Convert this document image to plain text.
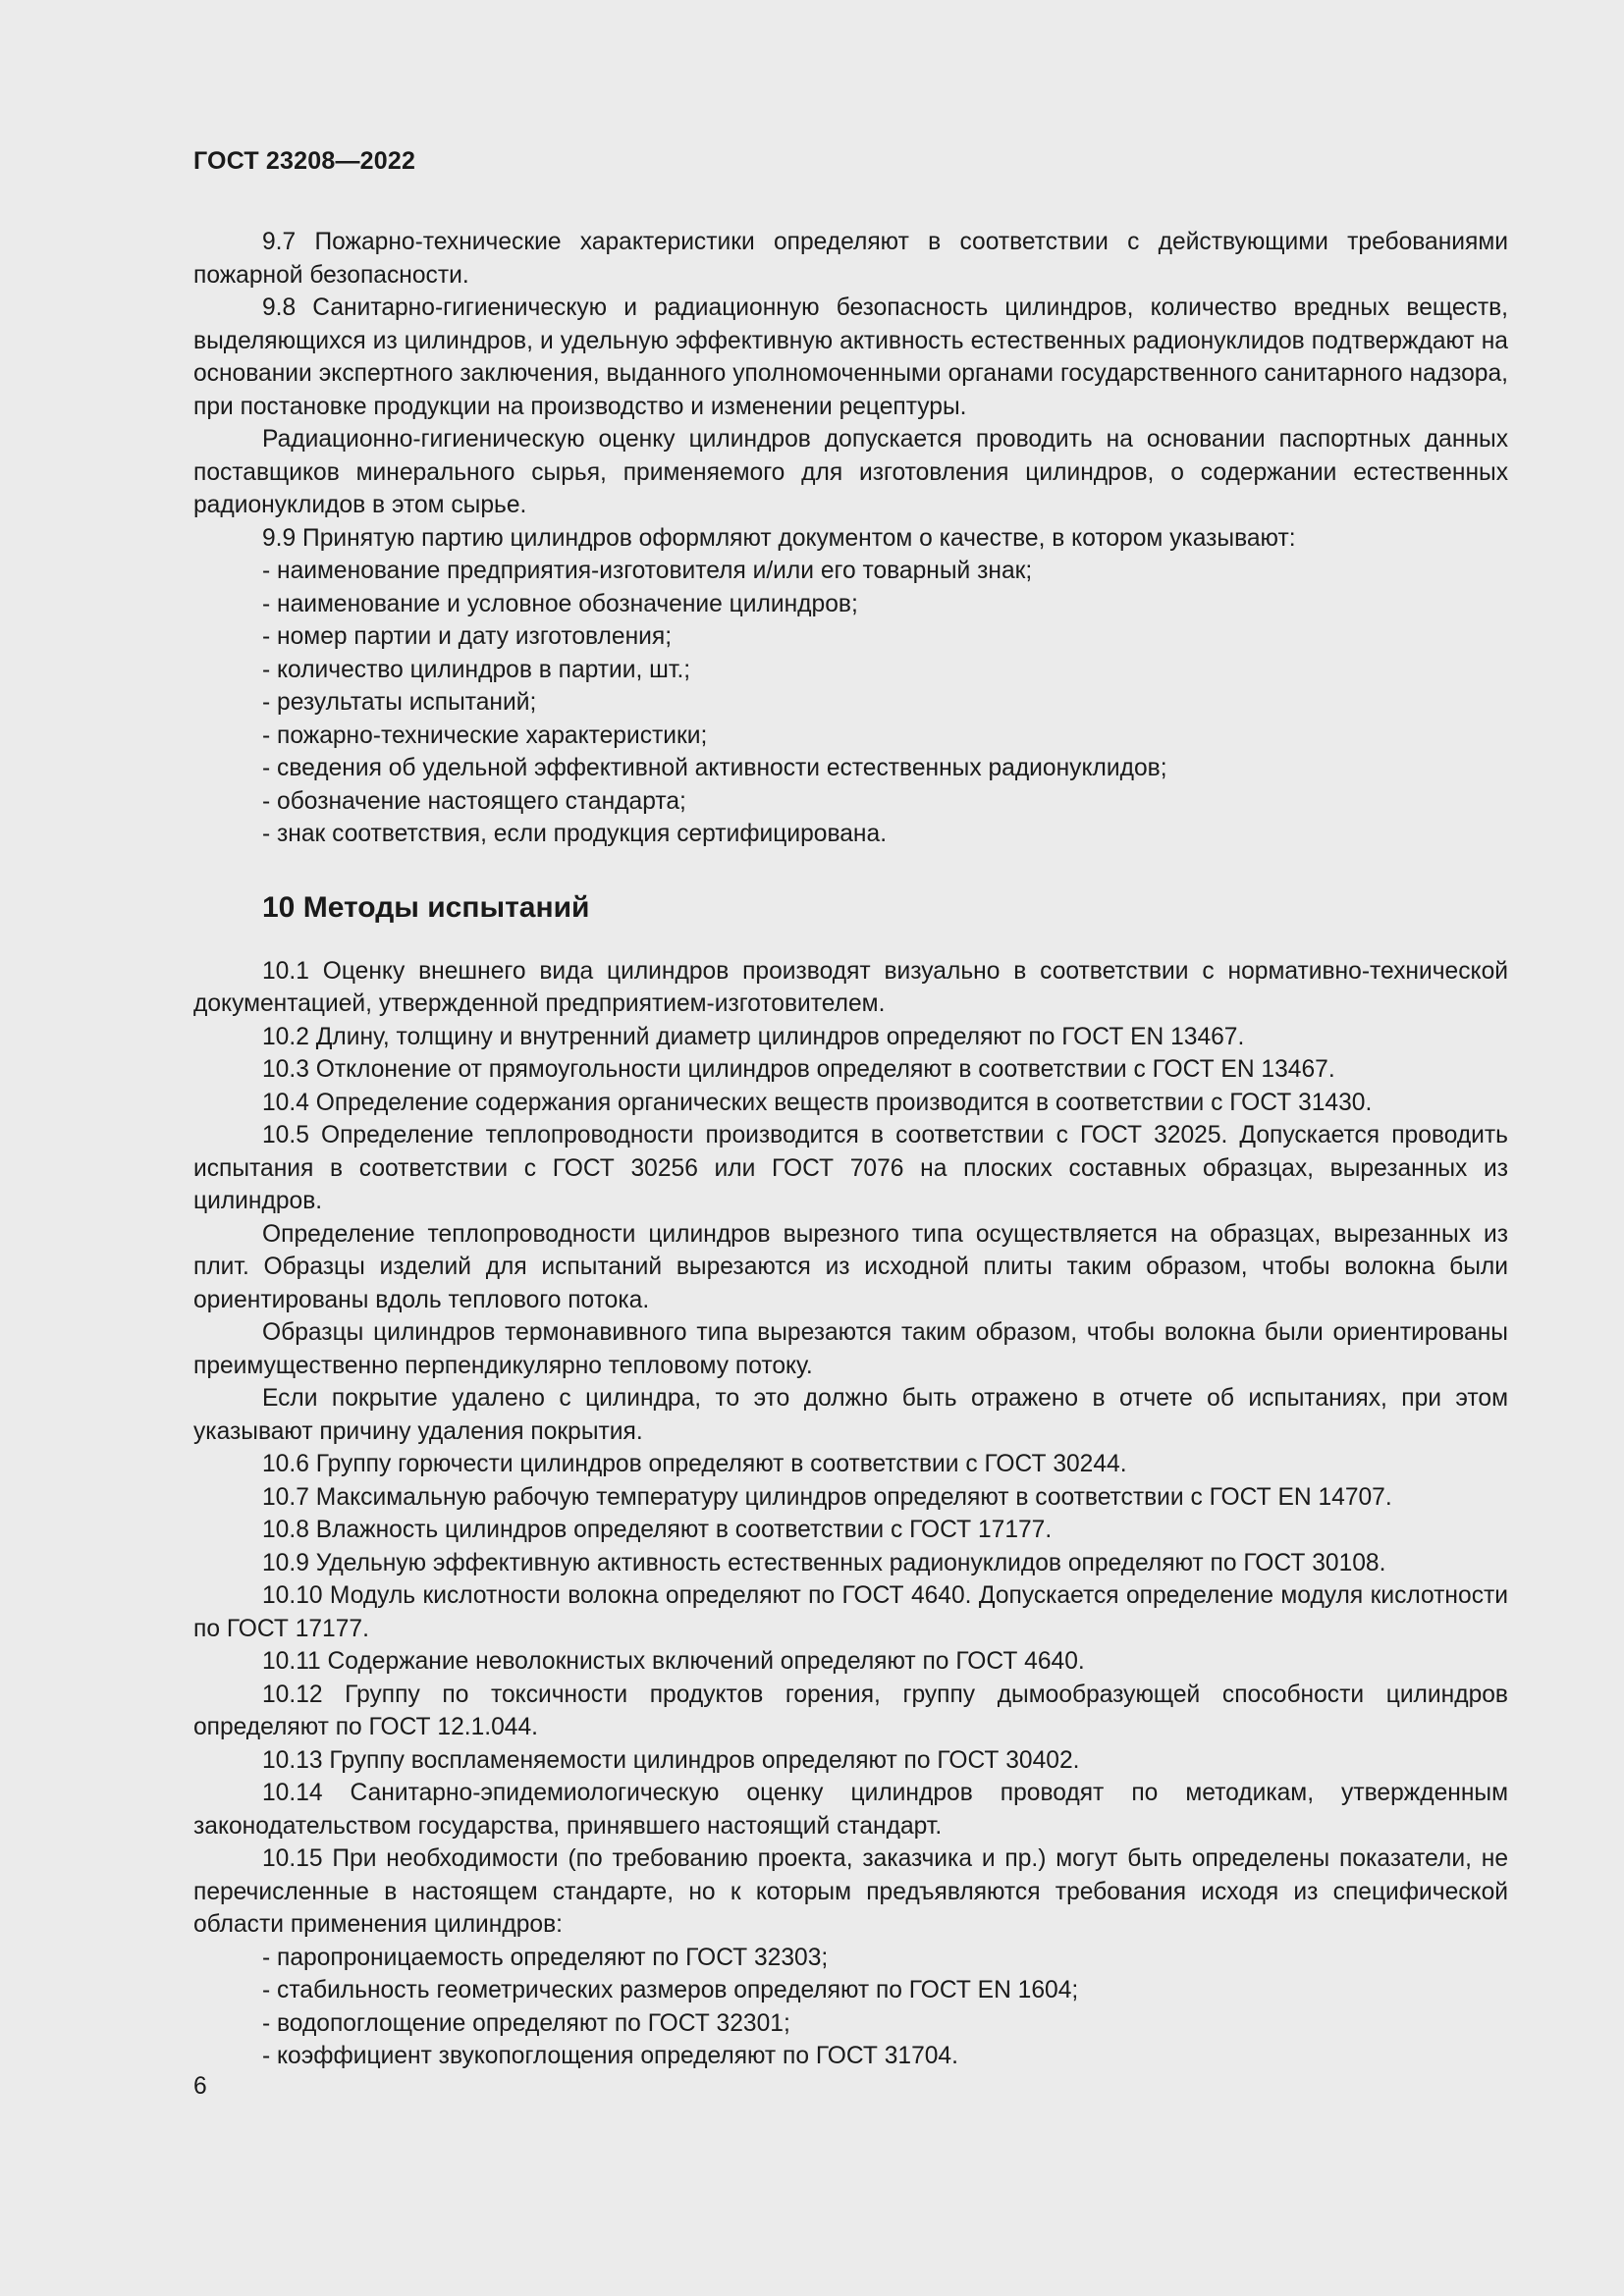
ГОСТ 23208—2022

9.7 Пожарно-технические характеристики определяют в соответствии с действующими требованиями пожарной безопасности.

9.8 Санитарно-гигиеническую и радиационную безопасность цилиндров, количество вредных веществ, выделяющихся из цилиндров, и удельную эффективную активность естественных радионуклидов подтверждают на основании экспертного заключения, выданного уполномоченными органами государственного санитарного надзора, при постановке продукции на производство и изменении рецептуры.

Радиационно-гигиеническую оценку цилиндров допускается проводить на основании паспортных данных поставщиков минерального сырья, применяемого для изготовления цилиндров, о содержании естественных радионуклидов в этом сырье.

9.9 Принятую партию цилиндров оформляют документом о качестве, в котором указывают:

- наименование предприятия-изготовителя и/или его товарный знак;

- наименование и условное обозначение цилиндров;

- номер партии и дату изготовления;

- количество цилиндров в партии, шт.;

- результаты испытаний;

- пожарно-технические характеристики;

- сведения об удельной эффективной активности естественных радионуклидов;

- обозначение настоящего стандарта;

- знак соответствия, если продукция сертифицирована.

10 Методы испытаний

10.1 Оценку внешнего вида цилиндров производят визуально в соответствии с нормативно-технической документацией, утвержденной предприятием-изготовителем.

10.2 Длину, толщину и внутренний диаметр цилиндров определяют по ГОСТ EN 13467.

10.3 Отклонение от прямоугольности цилиндров определяют в соответствии с ГОСТ EN 13467.

10.4 Определение содержания органических веществ производится в соответствии с ГОСТ 31430.

10.5 Определение теплопроводности производится в соответствии с ГОСТ 32025. Допускается проводить испытания в соответствии с ГОСТ 30256 или ГОСТ 7076 на плоских составных образцах, вырезанных из цилиндров.

Определение теплопроводности цилиндров вырезного типа осуществляется на образцах, вырезанных из плит. Образцы изделий для испытаний вырезаются из исходной плиты таким образом, чтобы волокна были ориентированы вдоль теплового потока.

Образцы цилиндров термонавивного типа вырезаются таким образом, чтобы волокна были ориентированы преимущественно перпендикулярно тепловому потоку.

Если покрытие удалено с цилиндра, то это должно быть отражено в отчете об испытаниях, при этом указывают причину удаления покрытия.

10.6 Группу горючести цилиндров определяют в соответствии с ГОСТ 30244.

10.7 Максимальную рабочую температуру цилиндров определяют в соответствии с ГОСТ EN 14707.

10.8 Влажность цилиндров определяют в соответствии с ГОСТ 17177.

10.9 Удельную эффективную активность естественных радионуклидов определяют по ГОСТ 30108.

10.10 Модуль кислотности волокна определяют по ГОСТ 4640. Допускается определение модуля кислотности по ГОСТ 17177.

10.11 Содержание неволокнистых включений определяют по ГОСТ 4640.

10.12 Группу по токсичности продуктов горения, группу дымообразующей способности цилиндров определяют по ГОСТ 12.1.044.

10.13 Группу воспламеняемости цилиндров определяют по ГОСТ 30402.

10.14 Санитарно-эпидемиологическую оценку цилиндров проводят по методикам, утвержденным законодательством государства, принявшего настоящий стандарт.

10.15 При необходимости (по требованию проекта, заказчика и пр.) могут быть определены показатели, не перечисленные в настоящем стандарте, но к которым предъявляются требования исходя из специфической области применения цилиндров:

- паропроницаемость определяют по ГОСТ 32303;

- стабильность геометрических размеров определяют по ГОСТ EN 1604;

- водопоглощение определяют по ГОСТ 32301;

- коэффициент звукопоглощения определяют по ГОСТ 31704.

6
